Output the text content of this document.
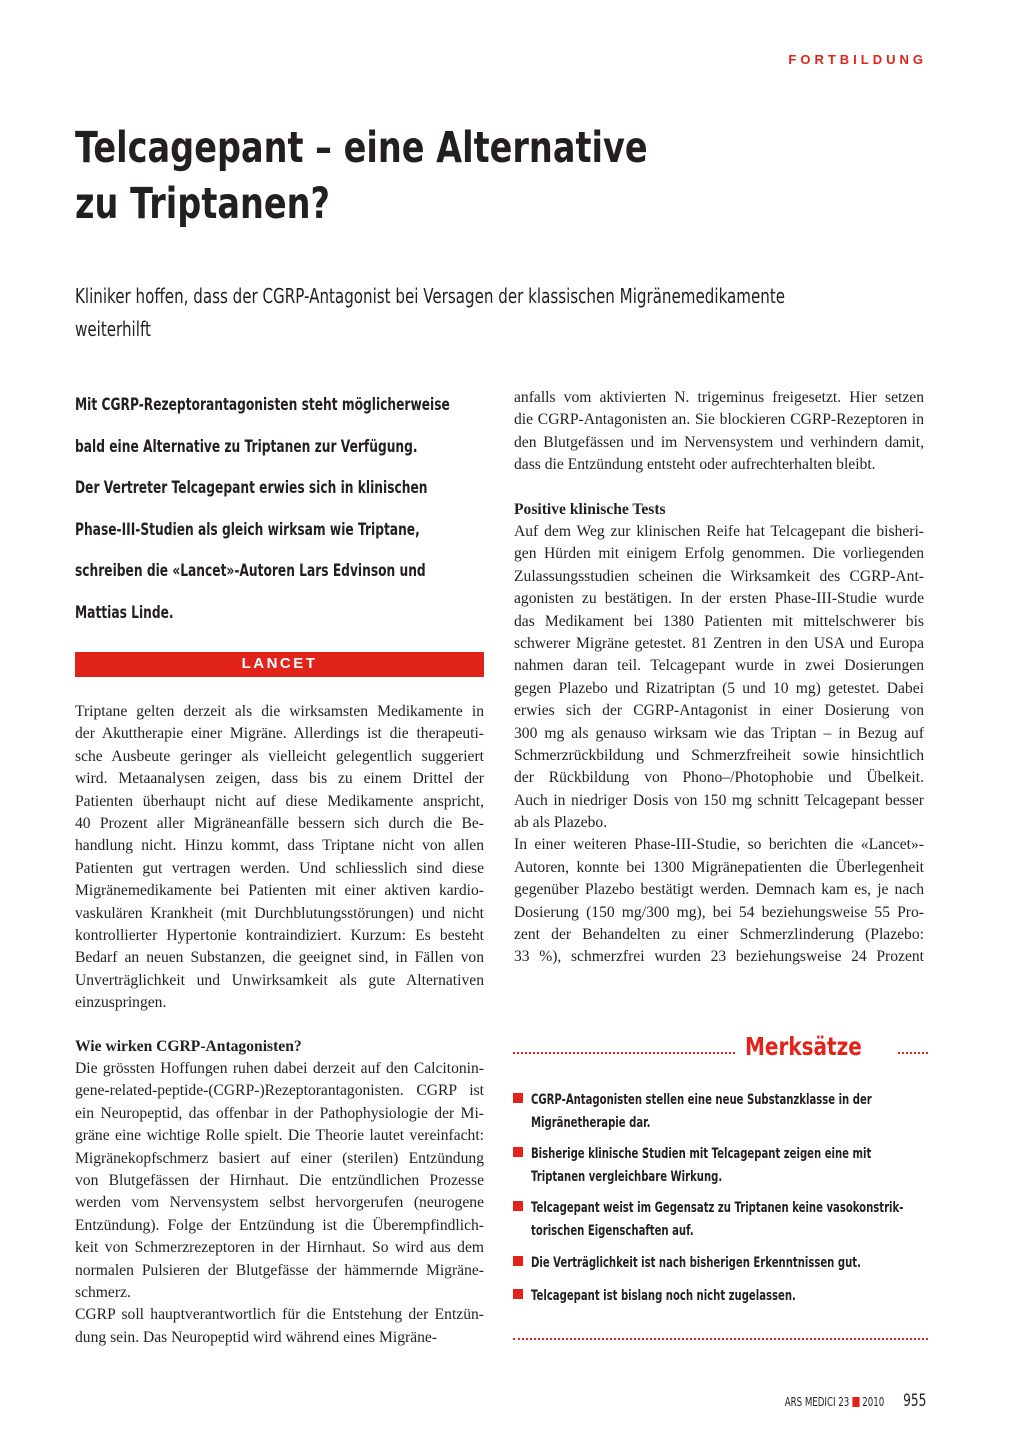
FORTBILDUNG
Telcagepant – eine Alternative
zu Triptanen?
Kliniker hoffen, dass der CGRP-Antagonist bei Versagen der klassischen Migränemedikamente
weiterhilft
Mit CGRP-Rezeptorantagonisten steht möglicherweise
bald eine Alternative zu Triptanen zur Verfügung.
Der Vertreter Telcagepant erwies sich in klinischen
Phase-III-Studien als gleich wirksam wie Triptane,
schreiben die «Lancet»-Autoren Lars Edvinson und
Mattias Linde.
LANCET
Triptane gelten derzeit als die wirksamsten Medikamente in
der Akuttherapie einer Migräne. Allerdings ist die therapeuti-
sche Ausbeute geringer als vielleicht gelegentlich suggeriert
wird. Metaanalysen zeigen, dass bis zu einem Drittel der
Patienten überhaupt nicht auf diese Medikamente anspricht,
40 Prozent aller Migräneanfälle bessern sich durch die Be-
handlung nicht. Hinzu kommt, dass Triptane nicht von allen
Patienten gut vertragen werden. Und schliesslich sind diese
Migränemedikamente bei Patienten mit einer aktiven kardio-
vaskulären Krankheit (mit Durchblutungsstörungen) und nicht
kontrollierter Hypertonie kontraindiziert. Kurzum: Es besteht
Bedarf an neuen Substanzen, die geeignet sind, in Fällen von
Unverträglichkeit und Unwirksamkeit als gute Alternativen
einzuspringen.
Wie wirken CGRP-Antagonisten?
Die grössten Hoffungen ruhen dabei derzeit auf den Calcitonin-
gene-related-peptide-(CGRP-)Rezeptorantagonisten. CGRP ist
ein Neuropeptid, das offenbar in der Pathophysiologie der Mi-
gräne eine wichtige Rolle spielt. Die Theorie lautet vereinfacht:
Migränekopfschmerz basiert auf einer (sterilen) Entzündung
von Blutgefässen der Hirnhaut. Die entzündlichen Prozesse
werden vom Nervensystem selbst hervorgerufen (neurogene
Entzündung). Folge der Entzündung ist die Überempfindlich-
keit von Schmerzrezeptoren in der Hirnhaut. So wird aus dem
normalen Pulsieren der Blutgefässe der hämmernde Migräne-
schmerz.
CGRP soll hauptverantwortlich für die Entstehung der Entzün-
dung sein. Das Neuropeptid wird während eines Migräne-
anfalls vom aktivierten N. trigeminus freigesetzt. Hier setzen
die CGRP-Antagonisten an. Sie blockieren CGRP-Rezeptoren in
den Blutgefässen und im Nervensystem und verhindern damit,
dass die Entzündung entsteht oder aufrechterhalten bleibt.
Positive klinische Tests
Auf dem Weg zur klinischen Reife hat Telcagepant die bisheri-
gen Hürden mit einigem Erfolg genommen. Die vorliegenden
Zulassungsstudien scheinen die Wirksamkeit des CGRP-Ant-
agonisten zu bestätigen. In der ersten Phase-III-Studie wurde
das Medikament bei 1380 Patienten mit mittelschwerer bis
schwerer Migräne getestet. 81 Zentren in den USA und Europa
nahmen daran teil. Telcagepant wurde in zwei Dosierungen
gegen Plazebo und Rizatriptan (5 und 10 mg) getestet. Dabei
erwies sich der CGRP-Antagonist in einer Dosierung von
300 mg als genauso wirksam wie das Triptan – in Bezug auf
Schmerzrückbildung und Schmerzfreiheit sowie hinsichtlich
der Rückbildung von Phono–/Photophobie und Übelkeit.
Auch in niedriger Dosis von 150 mg schnitt Telcagepant besser
ab als Plazebo.
In einer weiteren Phase-III-Studie, so berichten die «Lancet»-
Autoren, konnte bei 1300 Migränepatienten die Überlegenheit
gegenüber Plazebo bestätigt werden. Demnach kam es, je nach
Dosierung (150 mg/300 mg), bei 54 beziehungsweise 55 Pro-
zent der Behandelten zu einer Schmerzlinderung (Plazebo:
33 %), schmerzfrei wurden 23 beziehungsweise 24 Prozent
Merksätze
CGRP-Antagonisten stellen eine neue Substanzklasse in der
Migränetherapie dar.
Bisherige klinische Studien mit Telcagepant zeigen eine mit
Triptanen vergleichbare Wirkung.
Telcagepant weist im Gegensatz zu Triptanen keine vasokonstrik-
torischen Eigenschaften auf.
Die Verträglichkeit ist nach bisherigen Erkenntnissen gut.
Telcagepant ist bislang noch nicht zugelassen.
ARS MEDICI 23 2010 955
